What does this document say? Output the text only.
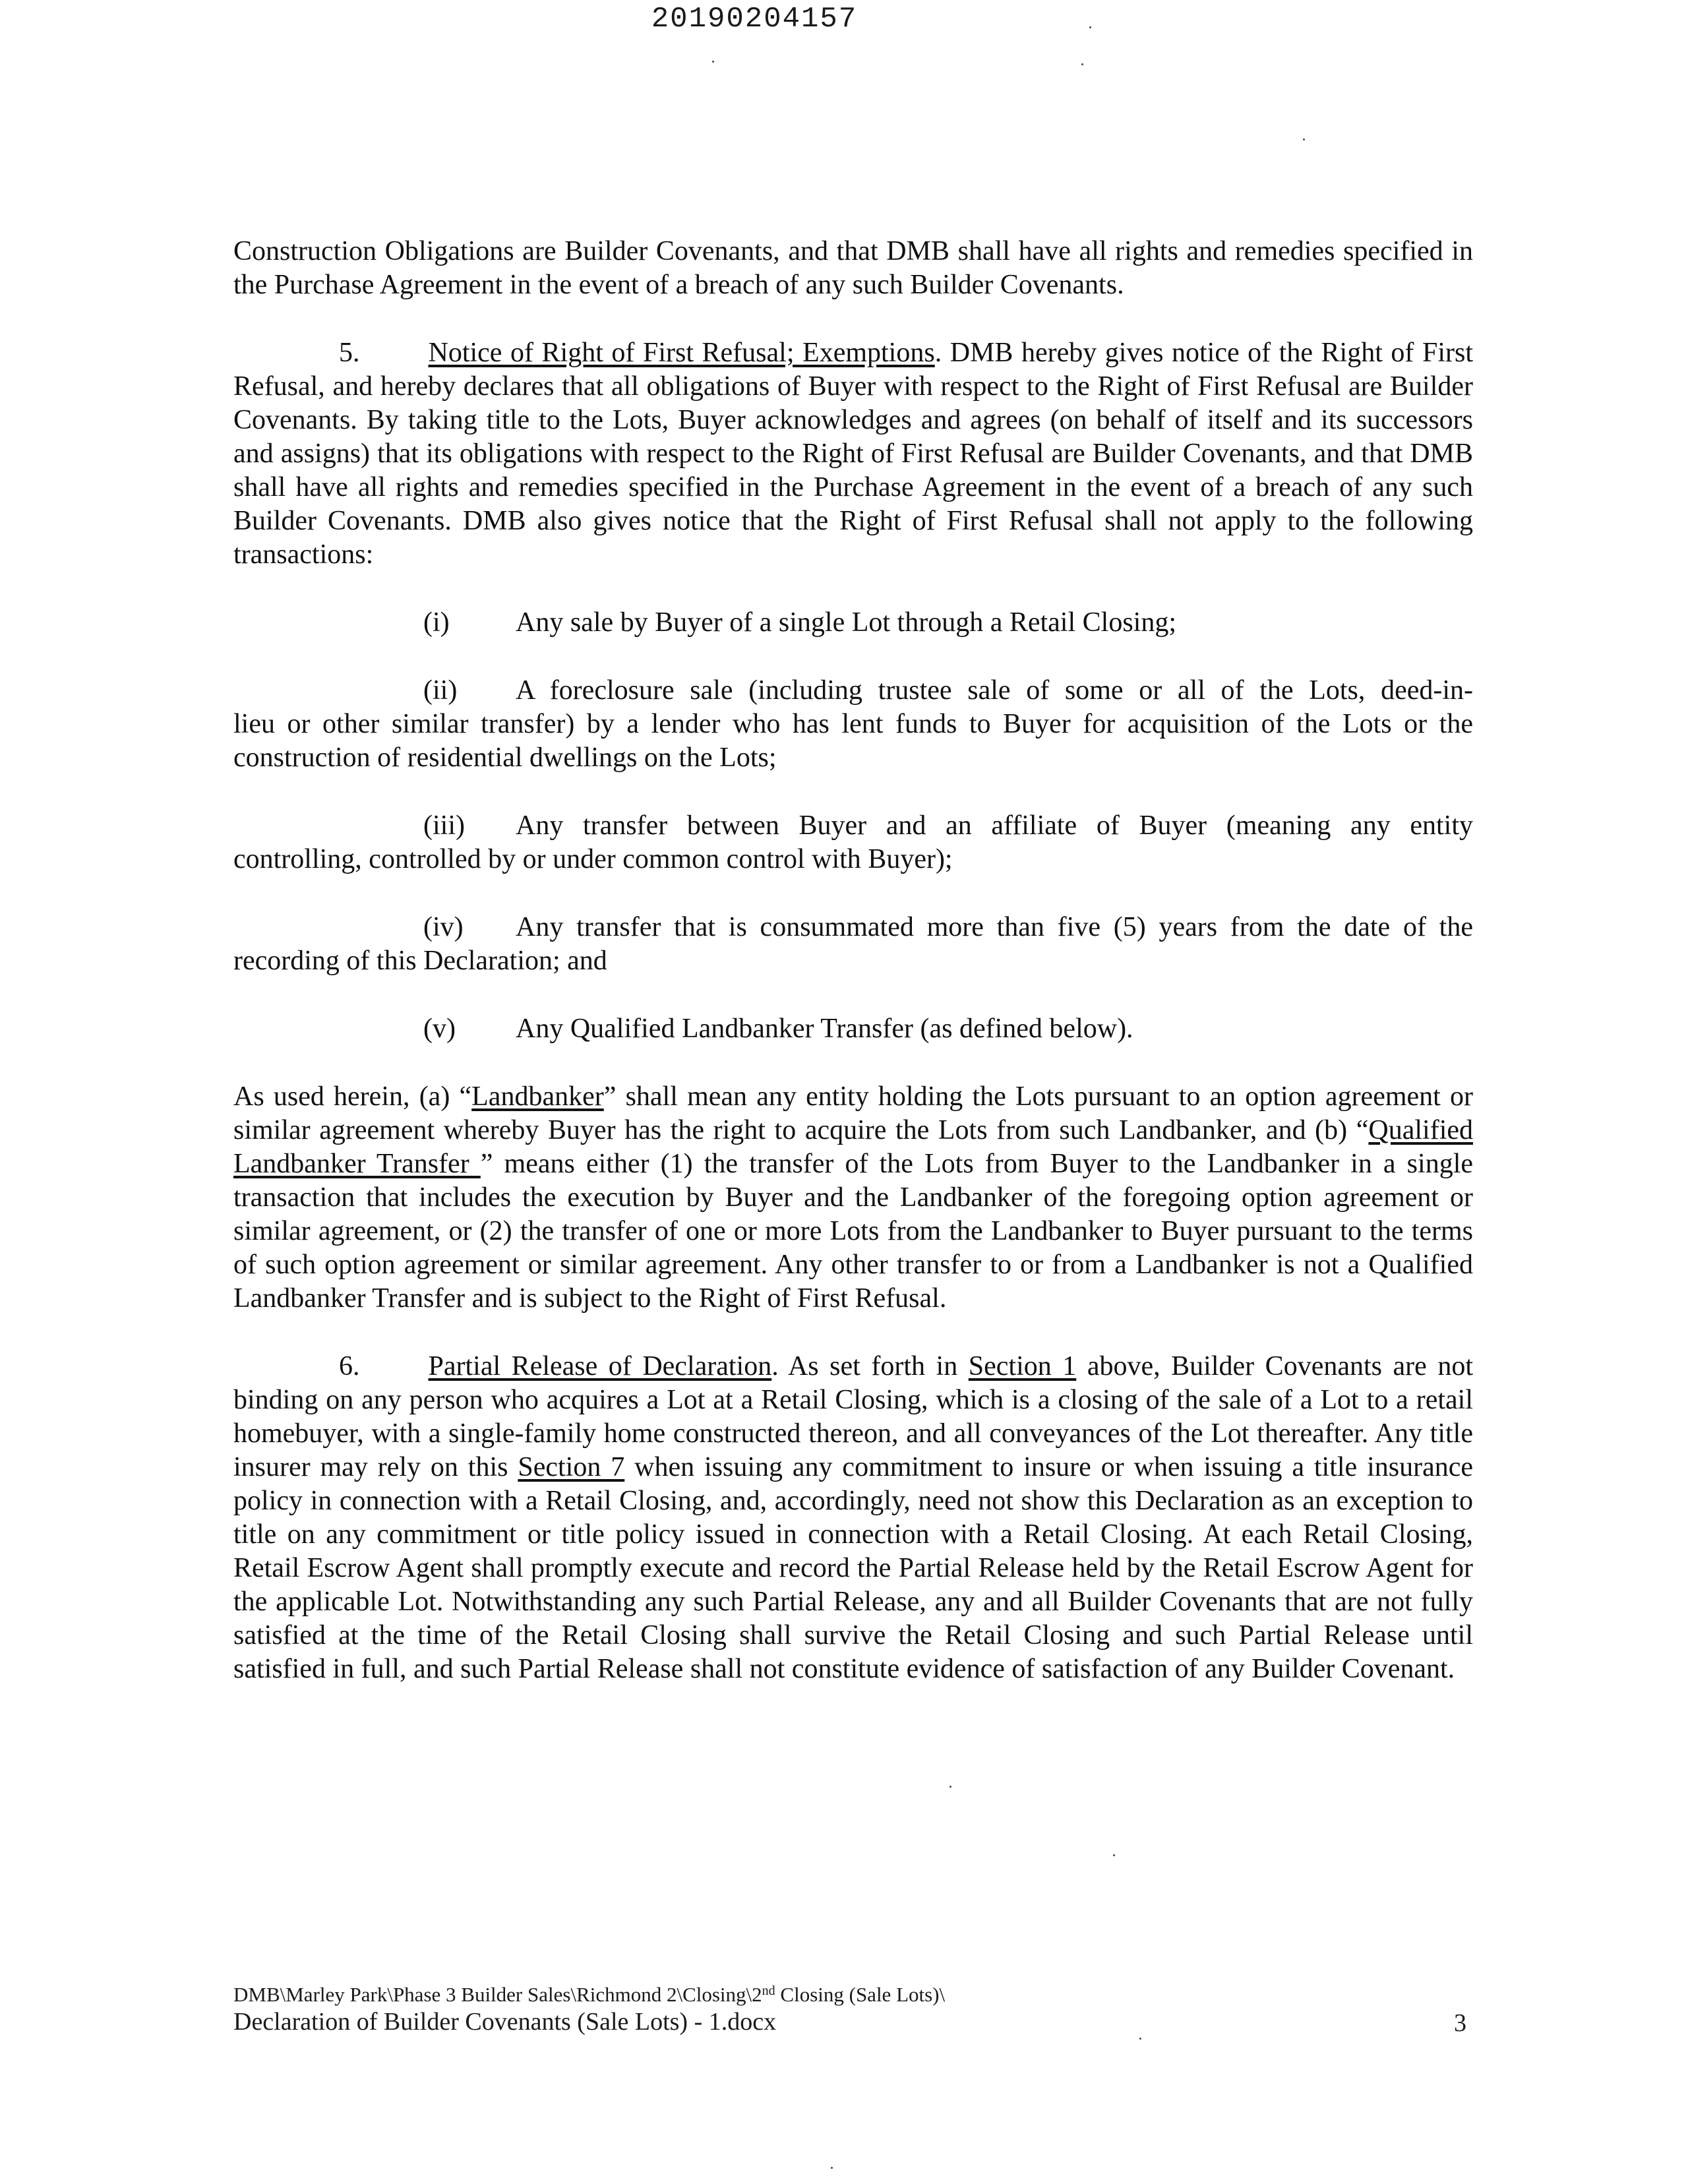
20190204157

Construction Obligations are Builder Covenants, and that DMB shall have all rights and remedies specified in the Purchase Agreement in the event of a breach of any such Builder Covenants.

5. Notice of Right of First Refusal; Exemptions. DMB hereby gives notice of the Right of First Refusal, and hereby declares that all obligations of Buyer with respect to the Right of First Refusal are Builder Covenants. By taking title to the Lots, Buyer acknowledges and agrees (on behalf of itself and its successors and assigns) that its obligations with respect to the Right of First Refusal are Builder Covenants, and that DMB shall have all rights and remedies specified in the Purchase Agreement in the event of a breach of any such Builder Covenants. DMB also gives notice that the Right of First Refusal shall not apply to the following transactions:

(i)	Any sale by Buyer of a single Lot through a Retail Closing;
(ii)	A foreclosure sale (including trustee sale of some or all of the Lots, deed-in-

lieu or other similar transfer) by a lender who has lent funds to Buyer for acquisition of the Lots or the construction of residential dwellings on the Lots;

(iii)	Any transfer between Buyer and an affiliate of Buyer (meaning any entity

controlling, controlled by or under common control with Buyer);

(iv)	Any transfer that is consummated more than five (5) years from the date of the

recording of this Declaration; and

(v)	Any Qualified Landbanker Transfer (as defined below).

As used herein, (a) “Landbanker” shall mean any entity holding the Lots pursuant to an option agreement or similar agreement whereby Buyer has the right to acquire the Lots from such Landbanker, and (b) “Qualified Landbanker Transfer ” means either (1) the transfer of the Lots from Buyer to the Landbanker in a single transaction that includes the execution by Buyer and the Landbanker of the foregoing option agreement or similar agreement, or (2) the transfer of one or more Lots from the Landbanker to Buyer pursuant to the terms of such option agreement or similar agreement. Any other transfer to or from a Landbanker is not a Qualified Landbanker Transfer and is subject to the Right of First Refusal.

6. Partial Release of Declaration. As set forth in Section 1 above, Builder Covenants are not binding on any person who acquires a Lot at a Retail Closing, which is a closing of the sale of a Lot to a retail homebuyer, with a single-family home constructed thereon, and all conveyances of the Lot thereafter. Any title insurer may rely on this Section 7 when issuing any commitment to insure or when issuing a title insurance policy in connection with a Retail Closing, and, accordingly, need not show this Declaration as an exception to title on any commitment or title policy issued in connection with a Retail Closing. At each Retail Closing, Retail Escrow Agent shall promptly execute and record the Partial Release held by the Retail Escrow Agent for the applicable Lot. Notwithstanding any such Partial Release, any and all Builder Covenants that are not fully satisfied at the time of the Retail Closing shall survive the Retail Closing and such Partial Release until satisfied in full, and such Partial Release shall not constitute evidence of satisfaction of any Builder Covenant.

DMB\Marley Park\Phase 3 Builder Sales\Richmond 2\Closing\2nd Closing (Sale Lots)\
Declaration of Builder Covenants (Sale Lots) - 1.docx	3
